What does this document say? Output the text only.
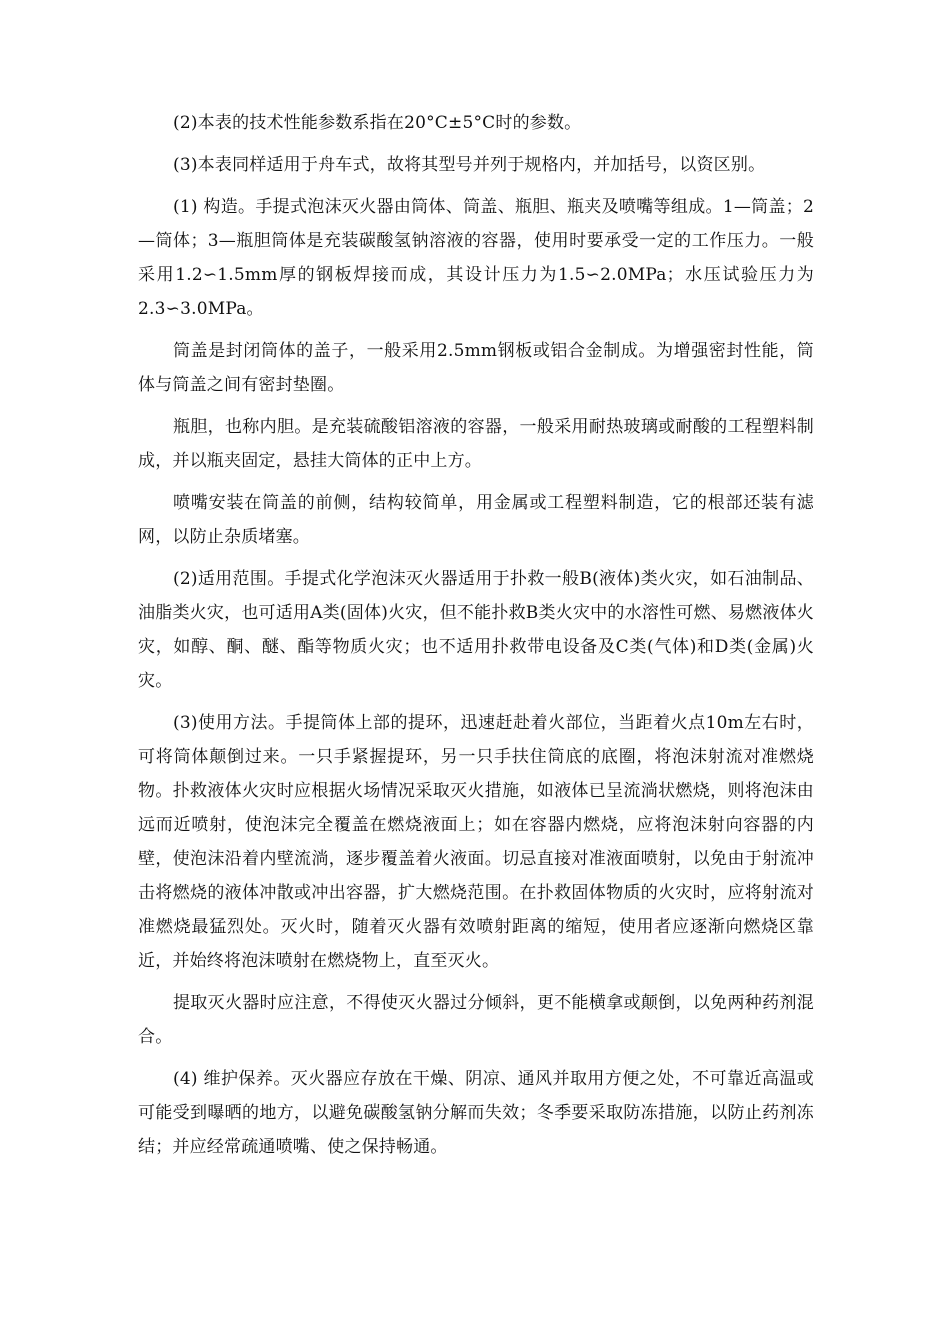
(2)本表的技术性能参数系指在20°C±5°C时的参数。

(3)本表同样适用于舟车式，故将其型号并列于规格内，并加括号，以资区别。

(1) 构造。手提式泡沫灭火器由筒体、筒盖、瓶胆、瓶夹及喷嘴等组成。1—筒盖；2—筒体；3—瓶胆筒体是充装碳酸氢钠溶液的容器，使用时要承受一定的工作压力。一般采用1.2∽1.5mm厚的钢板焊接而成，其设计压力为1.5∽2.0MPa；水压试验压力为2.3∽3.0MPa。

筒盖是封闭筒体的盖子，一般采用2.5mm钢板或铝合金制成。为增强密封性能，筒体与筒盖之间有密封垫圈。

瓶胆，也称内胆。是充装硫酸铝溶液的容器，一般采用耐热玻璃或耐酸的工程塑料制成，并以瓶夹固定，悬挂大筒体的正中上方。

喷嘴安装在筒盖的前侧，结构较简单，用金属或工程塑料制造，它的根部还装有滤网，以防止杂质堵塞。

(2)适用范围。手提式化学泡沫灭火器适用于扑救一般B(液体)类火灾，如石油制品、油脂类火灾，也可适用A类(固体)火灾，但不能扑救B类火灾中的水溶性可燃、易燃液体火灾，如醇、酮、醚、酯等物质火灾；也不适用扑救带电设备及C类(气体)和D类(金属)火灾。

(3)使用方法。手提筒体上部的提环，迅速赶赴着火部位，当距着火点10m左右时，可将筒体颠倒过来。一只手紧握提环，另一只手扶住筒底的底圈，将泡沫射流对准燃烧物。扑救液体火灾时应根据火场情况采取灭火措施，如液体已呈流淌状燃烧，则将泡沫由远而近喷射，使泡沫完全覆盖在燃烧液面上；如在容器内燃烧，应将泡沫射向容器的内壁，使泡沫沿着内壁流淌，逐步覆盖着火液面。切忌直接对准液面喷射，以免由于射流冲击将燃烧的液体冲散或冲出容器，扩大燃烧范围。在扑救固体物质的火灾时，应将射流对准燃烧最猛烈处。灭火时，随着灭火器有效喷射距离的缩短，使用者应逐渐向燃烧区靠近，并始终将泡沫喷射在燃烧物上，直至灭火。

提取灭火器时应注意，不得使灭火器过分倾斜，更不能横拿或颠倒，以免两种药剂混合。

(4) 维护保养。灭火器应存放在干燥、阴凉、通风并取用方便之处，不可靠近高温或可能受到曝晒的地方，以避免碳酸氢钠分解而失效；冬季要采取防冻措施，以防止药剂冻结；并应经常疏通喷嘴、使之保持畅通。
